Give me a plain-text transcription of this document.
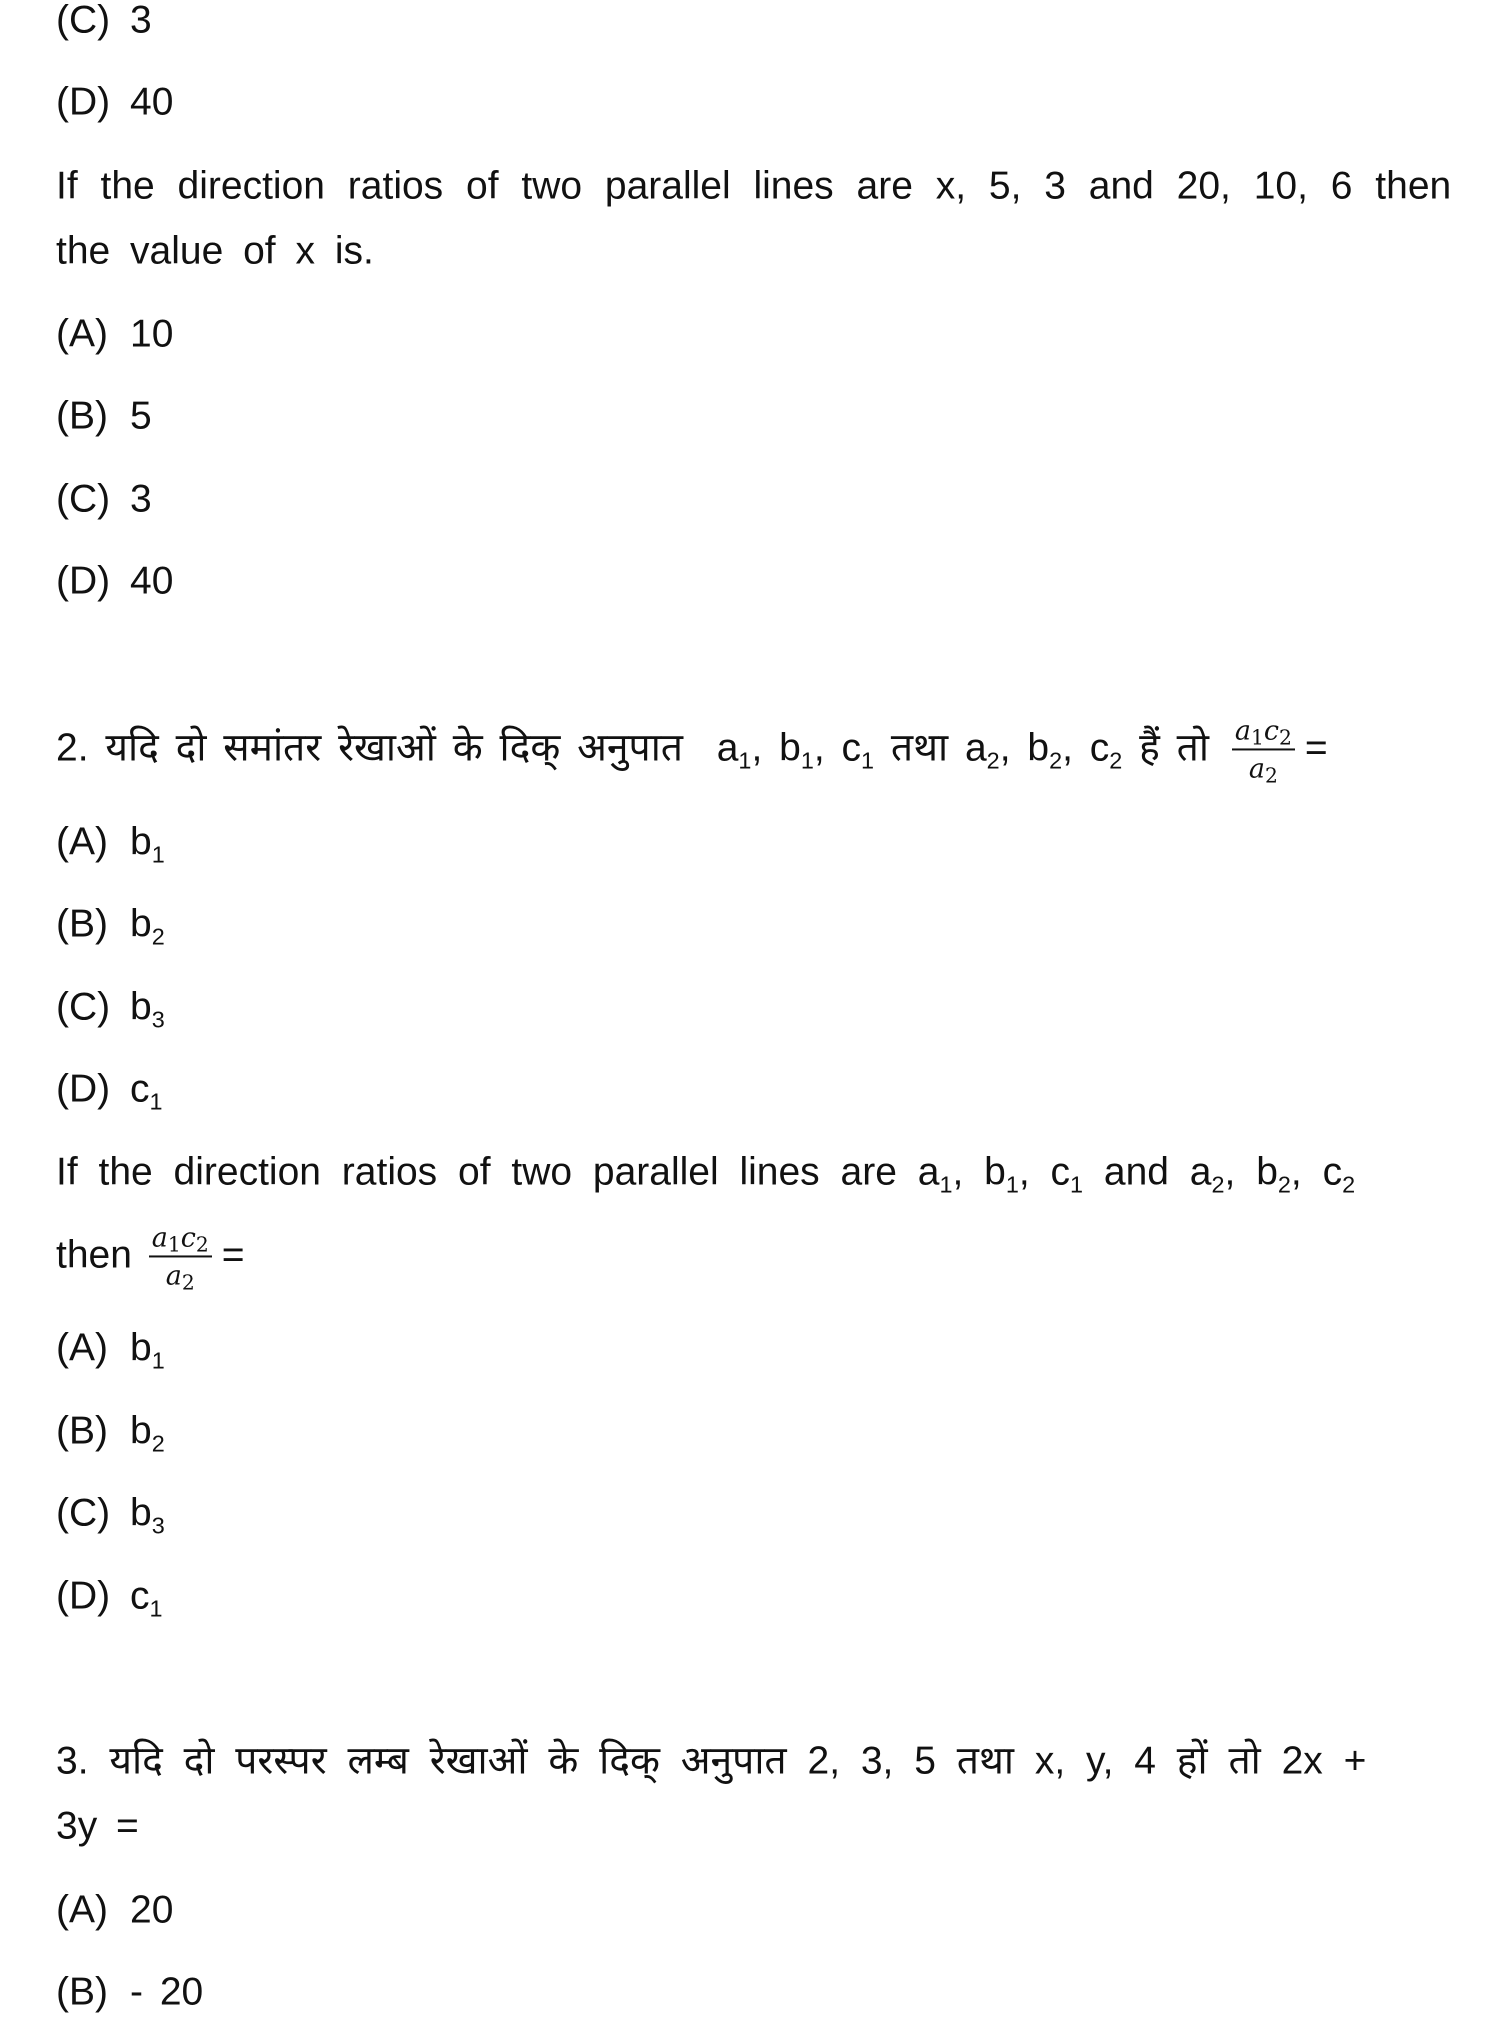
(C) 3
(D) 40
If the direction ratios of two parallel lines are x, 5, 3 and 20, 10, 6 then
the value of x is.
(A) 10
(B) 5
(C) 3
(D) 40
2. यदि दो समांतर रेखाओं के दिक् अनुपात $a_1$, $b_1$, $c_1$ तथा $a_2$, $b_2$, $c_2$ हैं तो $\frac{a_1c_2}{a_2}$ =
(A) $b_1$
(B) $b_2$
(C) $b_3$
(D) $c_1$
If the direction ratios of two parallel lines are $a_1$, $b_1$, $c_1$ and $a_2$, $b_2$, $c_2$
then $\frac{a_1c_2}{a_2}$ =
(A) $b_1$
(B) $b_2$
(C) $b_3$
(D) $c_1$
3. यदि दो परस्पर लम्ब रेखाओं के दिक् अनुपात 2, 3, 5 तथा x, y, 4 हों तो 2x +
3y =
(A) 20
(B) - 20
